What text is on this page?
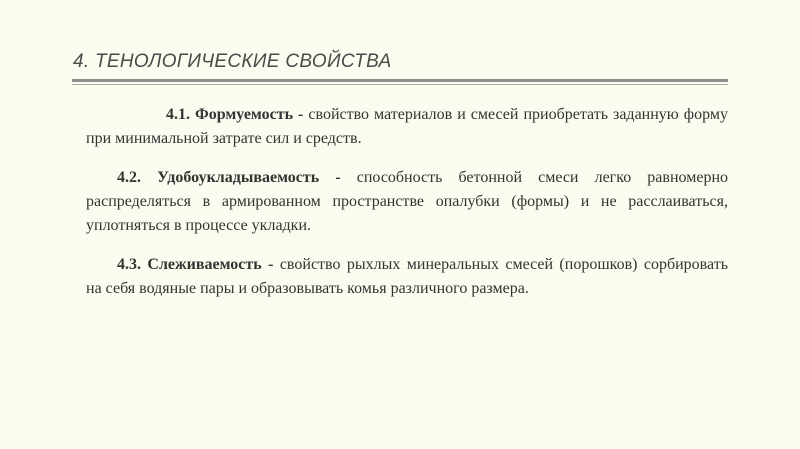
4. ТЕНОЛОГИЧЕСКИЕ СВОЙСТВА

4.1. Формуемость - свойство материалов и смесей приобретать заданную форму при минимальной затрате сил и средств.

4.2. Удобоукладываемость - способность бетонной смеси легко равномерно распределяться в армированном пространстве опалубки (формы) и не расслаиваться, уплотняться в процессе укладки.

4.3. Слеживаемость - свойство рыхлых минеральных смесей (порошков) сорбировать на себя водяные пары и образовывать комья различного размера.
